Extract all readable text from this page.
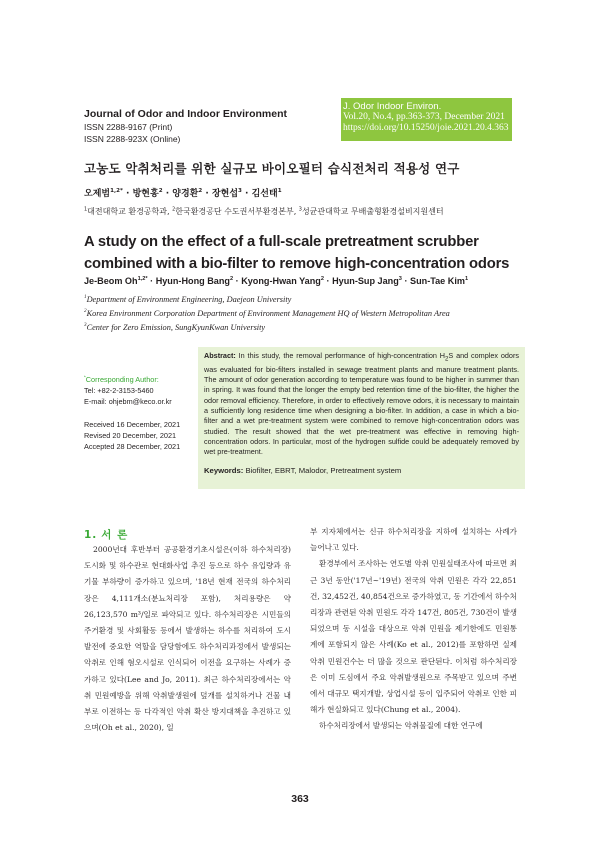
Journal of Odor and Indoor Environment
ISSN 2288-9167 (Print)
ISSN 2288-923X (Online)
J. Odor Indoor Environ.
Vol.20, No.4, pp.363-373, December 2021
https://doi.org/10.15250/joie.2021.20.4.363
고농도 악취처리를 위한 실규모 바이오필터 습식전처리 적용성 연구
오제범$^{1,2*}$ · 방현홍$^2$ · 양경환$^2$ · 장현섭$^3$ · 김선태$^1$
$^1$대전대학교 환경공학과, $^2$한국환경공단 수도권서부환경본부, $^3$성균관대학교 무배출형환경설비지원센터
A study on the effect of a full-scale pretreatment scrubber combined with a bio-filter to remove high-concentration odors
Je-Beom $Oh^{1,2*}$ · Hyun-Hong Bang$^2$ · Kyong-Hwan Yang$^2$ · Hyun-Sup Jang$^3$ · Sun-Tae Kim$^1$
$^1$Department of Environment Engineering, Daejeon University
$^2$Korea Environment Corporation Department of Environment Management HQ of Western Metropolitan Area
$^3$Center for Zero Emission, SungKyunKwan University
*Corresponding Author:
Tel: +82-2-3153-5460
E-mail: ohjebm@keco.or.kr
Received 16 December, 2021
Revised 20 December, 2021
Accepted 28 December, 2021
Abstract: In this study, the removal performance of high-concentration $H_2S$ and complex odors was evaluated for bio-filters installed in sewage treatment plants and manure treatment plants. The amount of odor generation according to temperature was found to be higher in summer than in spring. It was found that the longer the empty bed retention time of the bio-filter, the higher the odor removal efficiency. Therefore, in order to effectively remove odors, it is necessary to maintain a sufficiently long residence time when designing a bio-filter. In addition, a case in which a bio-filter and a wet pre-treatment system were combined to remove high-concentration odors was studied. The result showed that the wet pre-treatment was effective in removing high-concentration odors. In particular, most of the hydrogen sulfide could be adequately removed by wet pre-treatment.
Keywords: Biofilter, EBRT, Malodor, Pretreatment system
1. 서 론

2000년대 후반부터 공공환경기초시설은(이하 하수처리장) 도시화 및 하수관로 현대화사업 추진 등으로 하수 유입량과 유기물 부하량이 증가하고 있으며, '18년 현재 전국의 하수처리장은 4,111개소(분뇨처리장 포함), 처리용량은 약 26,123,570 m³/일로 파악되고 있다. 하수처리장은 시민들의 주거환경 및 사회활동 등에서 발생하는 하수를 처리하여 도시 발전에 중요한 역할을 담당함에도 하수처리과정에서 발생되는 악취로 인해 혐오시설로 인식되어 이전을 요구하는 사례가 증가하고 있다(Lee and Jo, 2011). 최근 하수처리장에서는 악취 민원예방을 위해 악취발생원에 덮개를 설치하거나 건물 내부로 이전하는 등 다각적인 악취 확산 방지대책을 추진하고 있으며(Oh et al., 2020), 일

부 지자체에서는 신규 하수처리장을 지하에 설치하는 사례가 늘어나고 있다.

환경부에서 조사하는 연도별 악취 민원실태조사에 따르면 최근 3년 동안('17년~'19년) 전국의 악취 민원은 각각 22,851건, 32,452건, 40,854건으로 증가하였고, 동 기간에서 하수처리장과 관련된 악취 민원도 각각 147건, 805건, 730건이 발생되었으며 동 시설을 대상으로 악취 민원을 제기한에도 민원통계에 포함되지 않은 사례(Ko et al., 2012)를 포함하면 실제 악취 민원건수는 더 많을 것으로 판단된다. 이처럼 하수처리장은 이미 도심에서 주요 악취발생원으로 주목받고 있으며 주변에서 대규모 택지개발, 상업시설 등이 입주되어 악취로 인한 피해가 현실화되고 있다(Chung et al., 2004).

하수처리장에서 발생되는 악취물질에 대한 연구에

363
